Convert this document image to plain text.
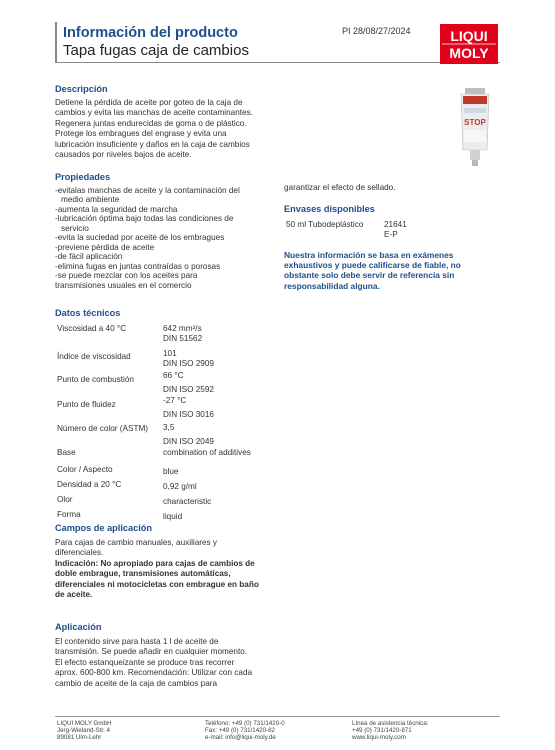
Información del producto
Tapa fugas caja de cambios
PI 28/08/27/2024	LIQUI
MOLY
STOP
Descripción
Detiene la pérdida de aceite por goteo de la caja de
cambios y evita las manchas de aceite contaminantes.
Regenera juntas endurecidas de goma o de plástico.
Protege los embragues del engrase y evita una
lubricación insuficiente y daños en la caja de cambios
causados por niveles bajos de aceite.
Propiedades
-evitalas manchas de aceite y la contaminación del
medio ambiente
-aumenta la seguridad de marcha
-lubricación óptima bajo todas las condiciones de
servicio
-evita la suciedad por aceite de los embragues
-previene pérdida de aceite
-de fácil aplicación
-elimina fugas en juntas contraídas o porosas
-se puede mezclar con los aceites para
transmisiones usuales en el comercio
garantizar el efecto de sellado.
Envases disponibles
50 ml Tubodeplástico	21641
E-P
Nuestra información se basa en exámenes
exhaustivos y puede calificarse de fiable, no
obstante solo debe servir de referencia sin
responsabilidad alguna.
Datos técnicos
Viscosidad a 40 °C	642 mm²/s
DIN 51562

Índice de viscosidad	101
DIN ISO 2909

Punto de combustión	66 °C
DIN ISO 2592

Punto de fluidez	-27 °C
DIN ISO 3016

Número de color (ASTM)	3,5
DIN ISO 2049

Base	combination of additives
Color / Aspecto	blue
Densidad a 20 °C	0,92 g/ml
Olor	characteristic
Forma	liquid
Campos de aplicación
Para cajas de cambio manuales, auxiliares y
diferenciales.
Indicación: No apropiado para cajas de cambios de
doble embrague, transmisiones automáticas,
diferenciales ni motocicletas con embrague en baño
de aceite.
Aplicación
El contenido sirve para hasta 1 l de aceite de
transmisión. Se puede añadir en cualquier momento.
El efecto estanqueizante se produce tras recorrer
aprox. 600-800 km. Recomendación: Utilizar con cada
cambio de aceite de la caja de cambios para
LIQUI MOLY GmbH
Jerg-Wieland-Str. 4
89081 Ulm-Lehr
Teléfono: +49 (0) 731/1420-0
Fax: +49 (0) 731/1420-82
e-mail: info@liqui-moly.de
Línea de asistencia técnica:
+49 (0) 731/1420-871
www.liqui-moly.com
